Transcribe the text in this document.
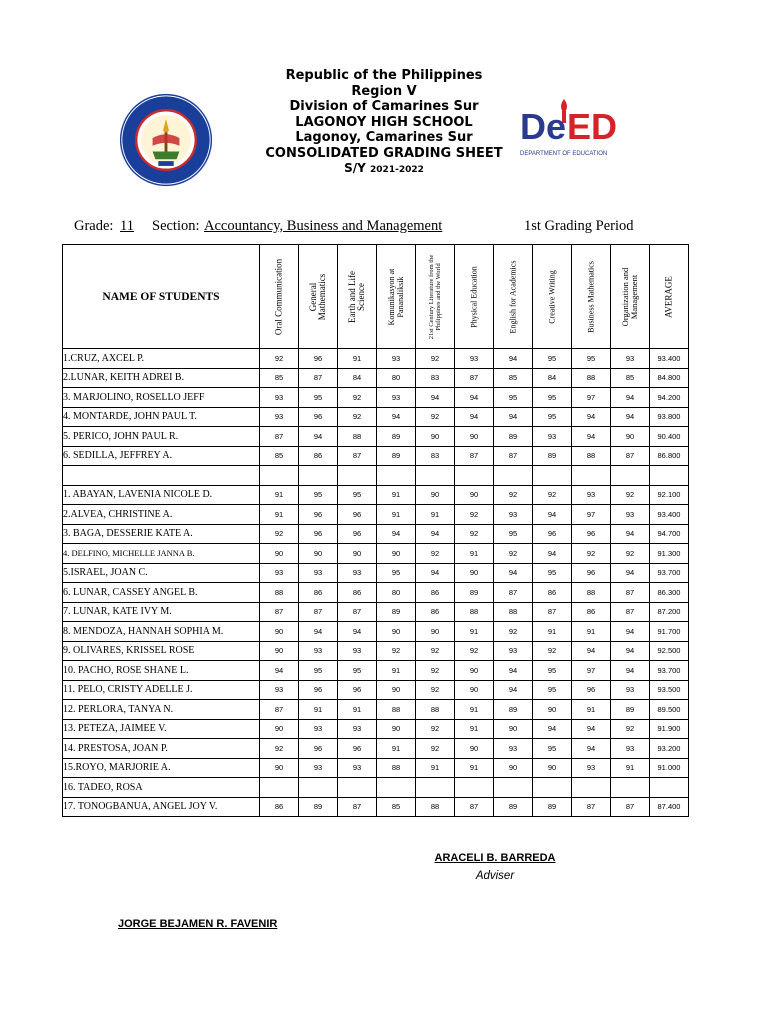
De ED
DEPARTMENT OF EDUCATION
Republic of the Philippines
Region V
Division of Camarines Sur
LAGONOY HIGH SCHOOL
Lagonoy, Camarines Sur
CONSOLIDATED GRADING SHEET
S/Y 2021-2022
Grade: 11 Section: Accountancy, Business and Management	1st Grading Period
NAME OF STUDENTS	Oral Communication	General Mathematics	Earth and Life Science	Komunikasyon at Pananaliksik	21st Century Literature from the Philippines and the World	Physical Education	English for Academics	Creative Writing	Business Mathematics	Organization and Management	AVERAGE

1.CRUZ, AXCEL P.	92	96	91	93	92	93	94	95	95	93	93.400
2.LUNAR, KEITH ADREI B.	85	87	84	80	83	87	85	84	88	85	84.800
3. MARJOLINO, ROSELLO JEFF	93	95	92	93	94	94	95	95	97	94	94.200
4. MONTARDE, JOHN PAUL T.	93	96	92	94	92	94	94	95	94	94	93.800
5. PERICO, JOHN PAUL R.	87	94	88	89	90	90	89	93	94	90	90.400
6. SEDILLA, JEFFREY A.	85	86	87	89	83	87	87	89	88	87	86.800

1. ABAYAN, LAVENIA NICOLE D.	91	95	95	91	90	90	92	92	93	92	92.100
2.ALVEA, CHRISTINE A.	91	96	96	91	91	92	93	94	97	93	93.400
3. BAGA, DESSERIE KATE A.	92	96	96	94	94	92	95	96	96	94	94.700
4. DELFINO, MICHELLE JANNA B.	90	90	90	90	92	91	92	94	92	92	91.300
5.ISRAEL, JOAN C.	93	93	93	95	94	90	94	95	96	94	93.700
6. LUNAR, CASSEY ANGEL B.	88	86	86	80	86	89	87	86	88	87	86.300
7. LUNAR, KATE IVY M.	87	87	87	89	86	88	88	87	86	87	87.200
8. MENDOZA, HANNAH SOPHIA M.	90	94	94	90	90	91	92	91	91	94	91.700
9. OLIVARES, KRISSEL ROSE	90	93	93	92	92	92	93	92	94	94	92.500
10. PACHO, ROSE SHANE L.	94	95	95	91	92	90	94	95	97	94	93.700
11. PELO, CRISTY ADELLE J.	93	96	96	90	92	90	94	95	96	93	93.500
12. PERLORA, TANYA N.	87	91	91	88	88	91	89	90	91	89	89.500
13. PETEZA, JAIMEE V.	90	93	93	90	92	91	90	94	94	92	91.900
14. PRESTOSA, JOAN P.	92	96	96	91	92	90	93	95	94	93	93.200
15.ROYO, MARJORIE A.	90	93	93	88	91	91	90	90	93	91	91.000
16. TADEO, ROSA											
17. TONOGBANUA, ANGEL JOY V.	86	89	87	85	88	87	89	89	87	87	87.400
ARACELI B. BARREDA
Adviser
JORGE BEJAMEN R. FAVENIR
